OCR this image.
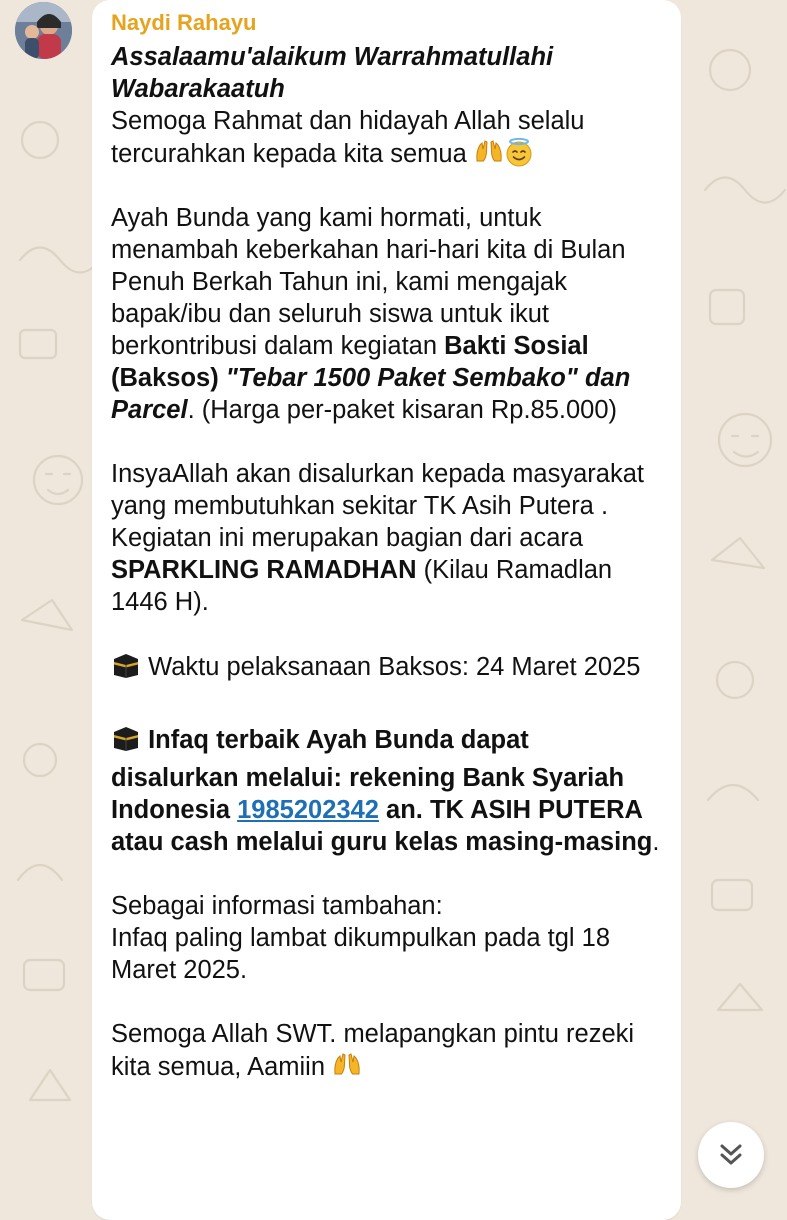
Naydi Rahayu

Assalaamu'alaikum Warrahmatullahi Wabarakaatuh

Semoga Rahmat dan hidayah Allah selalu tercurahkan kepada kita semua

Ayah Bunda yang kami hormati, untuk menambah keberkahan hari-hari kita di Bulan Penuh Berkah Tahun ini, kami mengajak bapak/ibu dan seluruh siswa untuk ikut berkontribusi dalam kegiatan Bakti Sosial (Baksos) "Tebar 1500 Paket Sembako" dan Parcel. (Harga per-paket kisaran Rp.85.000)

InsyaAllah akan disalurkan kepada masyarakat yang membutuhkan sekitar TK Asih Putera . Kegiatan ini merupakan bagian dari acara SPARKLING RAMADHAN (Kilau Ramadlan 1446 H).

Waktu pelaksanaan Baksos: 24 Maret 2025

Infaq terbaik Ayah Bunda dapat

disalurkan melalui: rekening Bank Syariah Indonesia 1985202342 an. TK ASIH PUTERA atau cash melalui guru kelas masing-masing.

Sebagai informasi tambahan:

Infaq paling lambat dikumpulkan pada tgl 18 Maret 2025.

Semoga Allah SWT. melapangkan pintu rezeki kita semua, Aamiin
